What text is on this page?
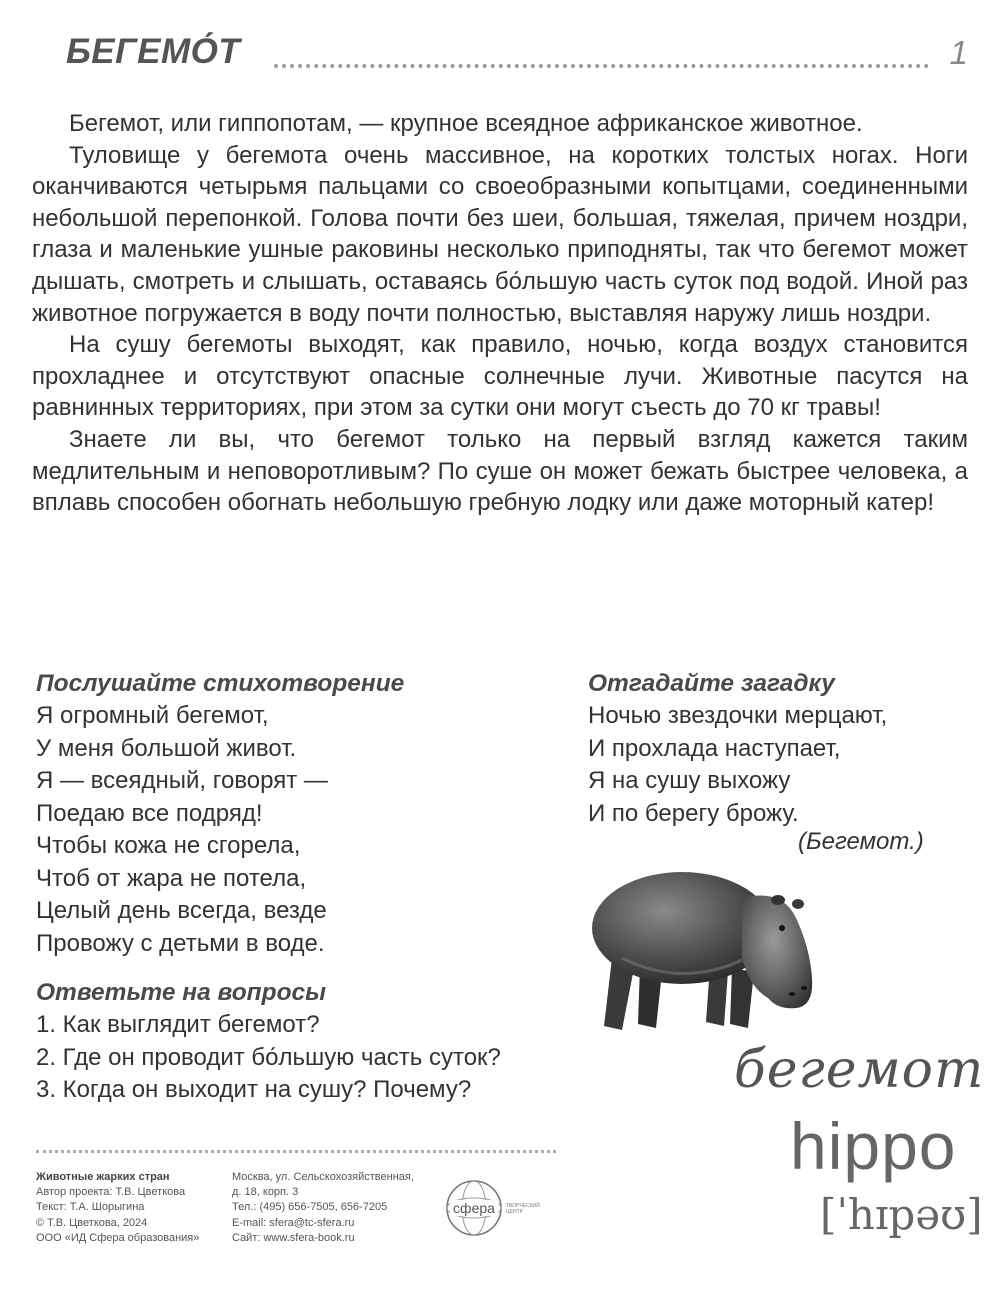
БЕГЕМО́Т	1

Бегемот, или гиппопотам, — крупное всеядное африканское животное.

Туловище у бегемота очень массивное, на коротких толстых ногах. Ноги оканчиваются четырьмя пальцами со своеобразными копытцами, соединенными небольшой перепонкой. Голова почти без шеи, большая, тяжелая, причем ноздри, глаза и маленькие ушные раковины несколько приподняты, так что бегемот может дышать, смотреть и слышать, оставаясь бо́льшую часть суток под водой. Иной раз животное погружается в воду почти полностью, выставляя наружу лишь ноздри.

На сушу бегемоты выходят, как правило, ночью, когда воздух становится прохладнее и отсутствуют опасные солнечные лучи. Животные пасутся на равнинных территориях, при этом за сутки они могут съесть до 70 кг травы!

Знаете ли вы, что бегемот только на первый взгляд кажется таким медлительным и неповоротливым? По суше он может бежать быстрее человека, а вплавь способен обогнать небольшую гребную лодку или даже моторный катер!

Послушайте стихотворение
Я огромный бегемот,
У меня большой живот.
Я — всеядный, говорят —
Поедаю все подряд!
Чтобы кожа не сгорела,
Чтоб от жара не потела,
Целый день всегда, везде
Провожу с детьми в воде.
Ответьте на вопросы
1. Как выглядит бегемот?
2. Где он проводит бо́льшую часть суток?
3. Когда он выходит на сушу? Почему?
Отгадайте загадку
Ночью звездочки мерцают,
И прохлада наступает,
Я на сушу выхожу
И по берегу брожу.
(Бегемот.)
бегемот
hippo
[ˈhɪpəʊ]
Животные жарких стран
Автор проекта: Т.В. Цветкова
Текст: Т.А. Шорыгина
© Т.В. Цветкова, 2024
ООО «ИД Сфера образования»
Москва, ул. Сельскохозяйственная,
д. 18, корп. 3
Тел.: (495) 656-7505, 656-7205
E-mail: sfera@tc-sfera.ru
Сайт: www.sfera-book.ru
сфера ТВОРЧЕСКИЙ
ЦЕНТР
